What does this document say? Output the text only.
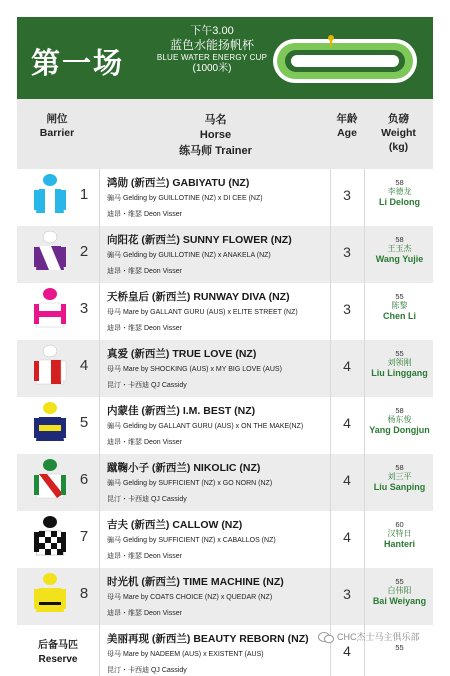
第一场
下午3.00
蓝色水能扬帆杯
BLUE WATER ENERGY CUP
(1000米)
闸位
Barrier
马名
Horse
练马师 Trainer
年龄
Age
负磅
Weight
(kg)
1
鸿勋 (新西兰) GABIYATU (NZ)
骟马 Gelding by GUILLOTINE (NZ) x DI CEE (NZ)
迪昂・维瑟 Deon Visser
3
58
李德龙
Li Delong
2
向阳花 (新西兰) SUNNY FLOWER (NZ)
骟马 Gelding by GUILLOTINE (NZ) x ANAKELA (NZ)
迪昂・维瑟 Deon Visser
3
58
王玉杰
Wang Yujie
3
天桥皇后 (新西兰) RUNWAY DIVA (NZ)
母马 Mare by GALLANT GURU (AUS) x ELITE STREET (NZ)
迪昂・维瑟 Deon Visser
3
55
陈黎
Chen Li
4
真爱 (新西兰) TRUE LOVE (NZ)
母马 Mare by SHOCKING (AUS) x MY BIG LOVE (AUS)
昆汀・卡西迪 QJ Cassidy
4
55
刘领刚
Liu Linggang
5
内蒙佳 (新西兰) I.M. BEST (NZ)
骟马 Gelding by GALLANT GURU (AUS) x ON THE MAKE(NZ)
迪昂・维瑟 Deon Visser
4
58
杨东俊
Yang Dongjun
6
蹴鞠小子 (新西兰) NIKOLIC (NZ)
骟马 Gelding by SUFFICIENT (NZ) x GO NORN (NZ)
昆汀・卡西迪 QJ Cassidy
4
58
刘三平
Liu Sanping
7
吉夫 (新西兰) CALLOW (NZ)
骟马 Gelding by SUFFICIENT (NZ) x CABALLOS (NZ)
迪昂・维瑟 Deon Visser
4
60
汉特日
Hanteri
8
时光机 (新西兰) TIME MACHINE (NZ)
母马 Mare by COATS CHOICE (NZ) x QUEDAR (NZ)
迪昂・维瑟 Deon Visser
3
55
白伟阳
Bai Weiyang
后备马匹
Reserve
美丽再现 (新西兰) BEAUTY REBORN (NZ)
母马 Mare by NADEEM (AUS) x EXISTENT (AUS)
昆汀・卡西迪 QJ Cassidy
4	55
CHC杰士马主俱乐部
